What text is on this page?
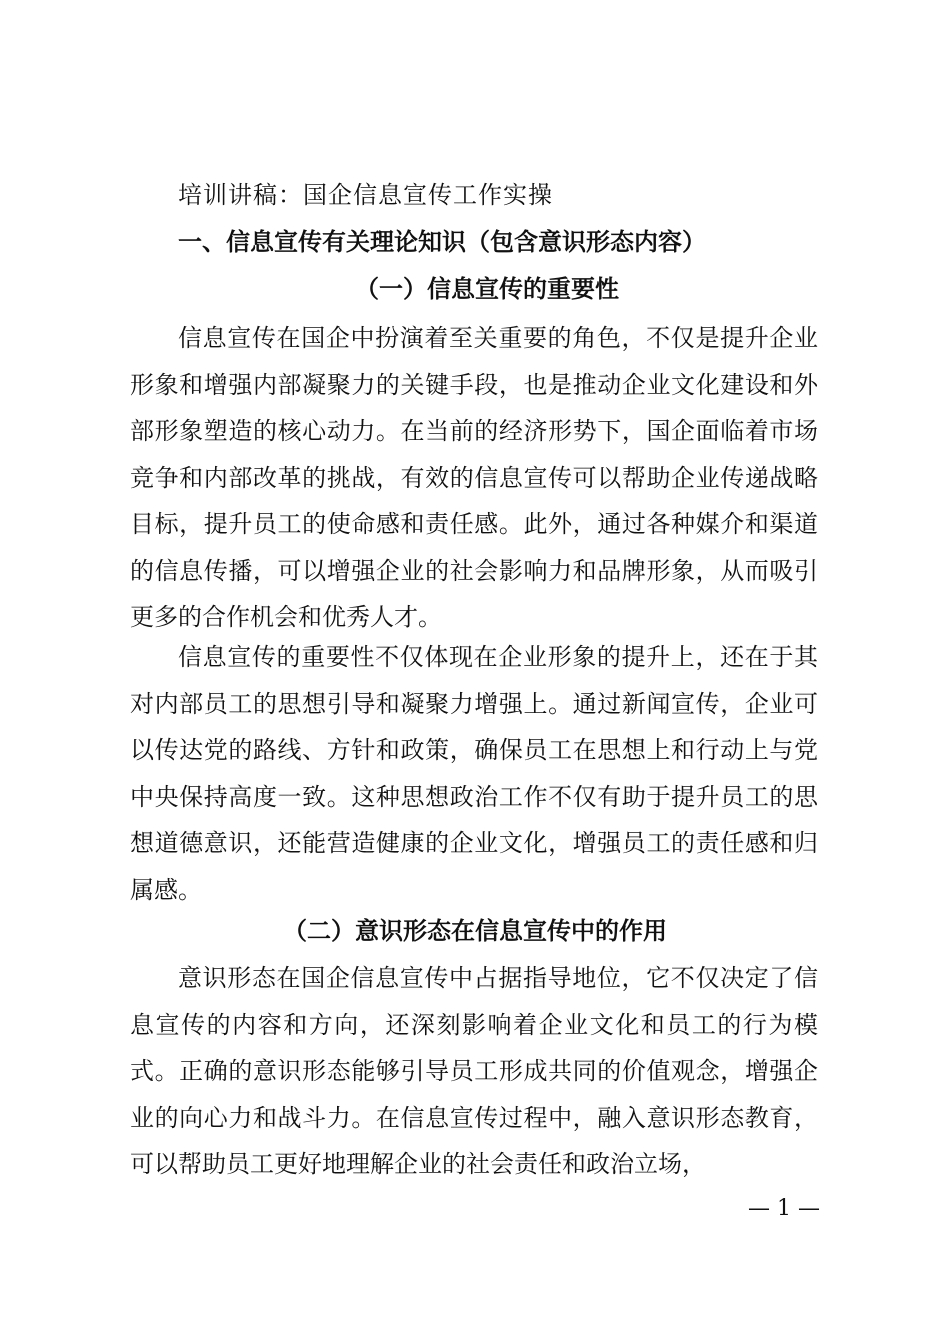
培训讲稿：国企信息宣传工作实操
一、信息宣传有关理论知识（包含意识形态内容）
（一）信息宣传的重要性

信息宣传在国企中扮演着至关重要的角色，不仅是提升企业形象和增强内部凝聚力的关键手段，也是推动企业文化建设和外部形象塑造的核心动力。在当前的经济形势下，国企面临着市场竞争和内部改革的挑战，有效的信息宣传可以帮助企业传递战略目标，提升员工的使命感和责任感。此外，通过各种媒介和渠道的信息传播，可以增强企业的社会影响力和品牌形象，从而吸引更多的合作机会和优秀人才。

信息宣传的重要性不仅体现在企业形象的提升上，还在于其对内部员工的思想引导和凝聚力增强上。通过新闻宣传，企业可以传达党的路线、方针和政策，确保员工在思想上和行动上与党中央保持高度一致。这种思想政治工作不仅有助于提升员工的思想道德意识，还能营造健康的企业文化，增强员工的责任感和归属感。

（二）意识形态在信息宣传中的作用

意识形态在国企信息宣传中占据指导地位，它不仅决定了信息宣传的内容和方向，还深刻影响着企业文化和员工的行为模式。正确的意识形态能够引导员工形成共同的价值观念，增强企业的向心力和战斗力。在信息宣传过程中，融入意识形态教育，可以帮助员工更好地理解企业的社会责任和政治立场，

— 1 —
